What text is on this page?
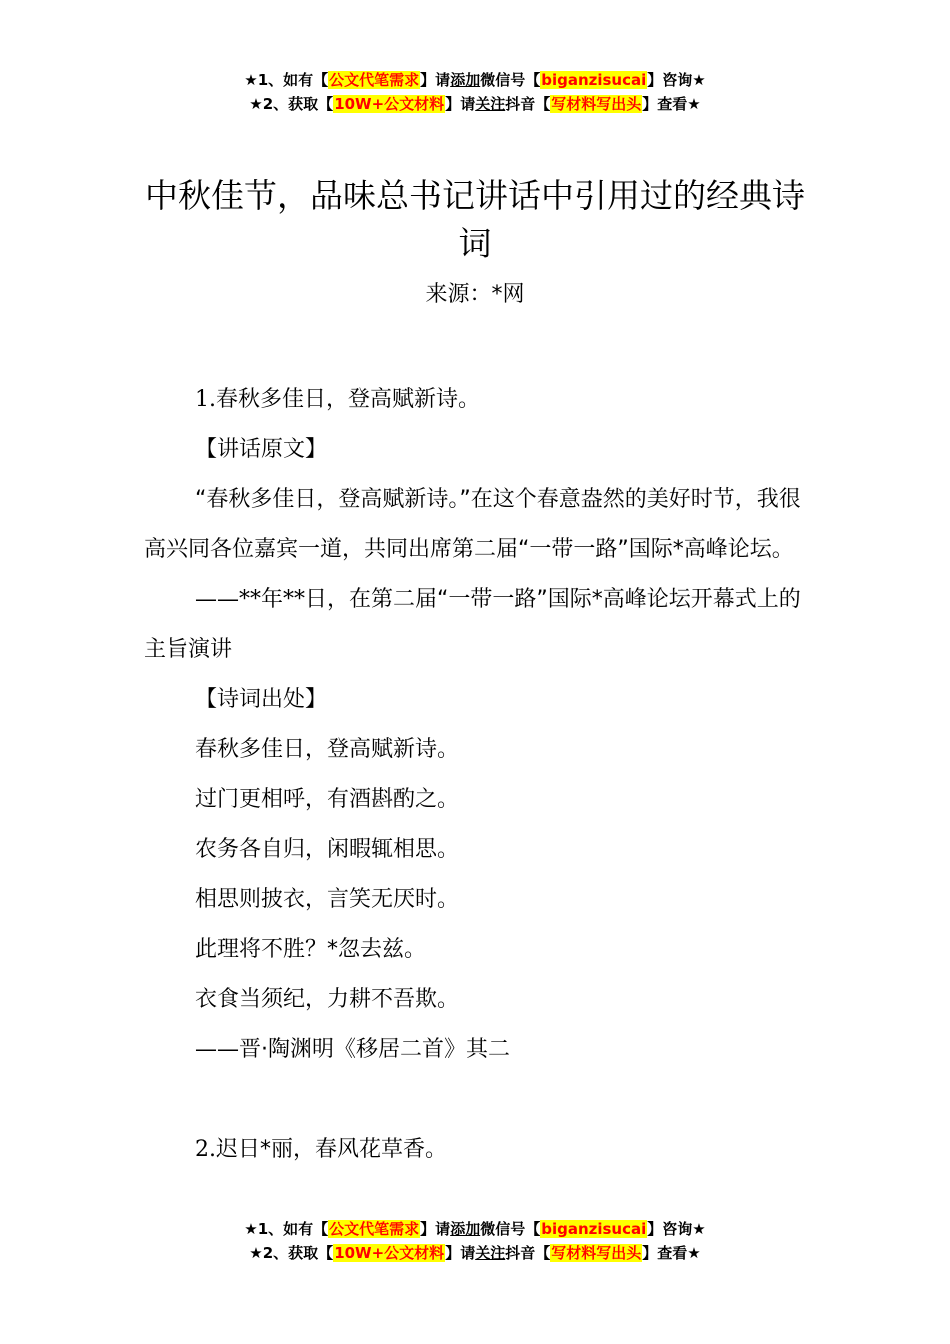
★1、如有【公文代笔需求】请添加微信号【biganzisucai】咨询★
★2、获取【10W+公文材料】请关注抖音【写材料写出头】查看★
中秋佳节，品味总书记讲话中引用过的经典诗词
来源：*网

1.春秋多佳日，登高赋新诗。

【讲话原文】

“春秋多佳日，登高赋新诗。”在这个春意盎然的美好时节，我很高兴同各位嘉宾一道，共同出席第二届“一带一路”国际*高峰论坛。

——**年**日，在第二届“一带一路”国际*高峰论坛开幕式上的主旨演讲

【诗词出处】

春秋多佳日，登高赋新诗。

过门更相呼，有酒斟酌之。

农务各自归，闲暇辄相思。

相思则披衣，言笑无厌时。

此理将不胜？*忽去兹。

衣食当须纪，力耕不吾欺。

——晋·陶渊明《移居二首》其二

2.迟日*丽，春风花草香。

★1、如有【公文代笔需求】请添加微信号【biganzisucai】咨询★
★2、获取【10W+公文材料】请关注抖音【写材料写出头】查看★
